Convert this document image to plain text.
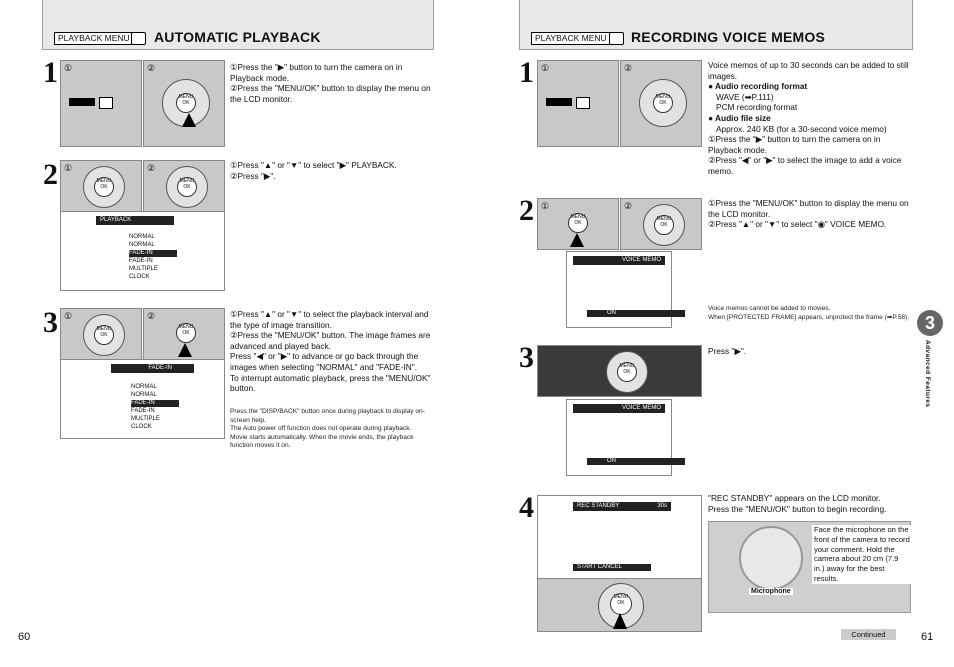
PLAYBACK MENU AUTOMATIC PLAYBACK
1 ①	②
MENU
OK

①Press the "▶" button to turn the camera on in Playback mode.

②Press the "MENU/OK" button to display the menu on the LCD monitor.

2 ①
MENU
OK
②
MENU
OK
PLAYBACK
NORMAL
NORMAL
FADE-IN
FADE-IN
MULTIPLE
CLOCK

①Press "▲" or "▼" to select "▶" PLAYBACK.

②Press "▶".

3 ①
MENU
OK
②
MENU
OK
FADE-IN
NORMAL
NORMAL
FADE-IN
FADE-IN
MULTIPLE
CLOCK

①Press "▲" or "▼" to select the playback interval and the type of image transition.

②Press the "MENU/OK" button. The image frames are advanced and played back.

Press "◀" or "▶" to advance or go back through the images when selecting "NORMAL" and "FADE-IN".

To interrupt automatic playback, press the "MENU/OK" button.

Press the "DISP/BACK" button once during playback to display on-screen help.

The Auto power off function does not operate during playback.

Movie starts automatically. When the movie ends, the playback function moves it on.

60
PLAYBACK MENU RECORDING VOICE MEMOS
1 ①	②
MENU
OK

Voice memos of up to 30 seconds can be added to still images.

● Audio recording format

WAVE (➡P.111)

PCM recording format

● Audio file size

Approx. 240 KB (for a 30-second voice memo)

①Press the "▶" button to turn the camera on in Playback mode.

②Press "◀" or "▶" to select the image to add a voice memo.

2 ①
MENU
OK
②
MENU
OK
VOICE MEMO
ON

①Press the "MENU/OK" button to display the menu on the LCD monitor.

②Press "▲" or "▼" to select "◉" VOICE MEMO.

Voice memos cannot be added to movies.

When [PROTECTED FRAME] appears, unprotect the frame (➡P.58).

3	MENU
OK
VOICE MEMO
ON
Press "▶".
4	REC STANDBY	30s
START CANCEL
MENU
OK

"REC STANDBY" appears on the LCD monitor.

Press the "MENU/OK" button to begin recording.

Microphone
Face the microphone on the front of the camera to record your comment. Hold the camera about 20 cm (7.9 in.) away for the best results.
3
Advanced Features
Continued	61
